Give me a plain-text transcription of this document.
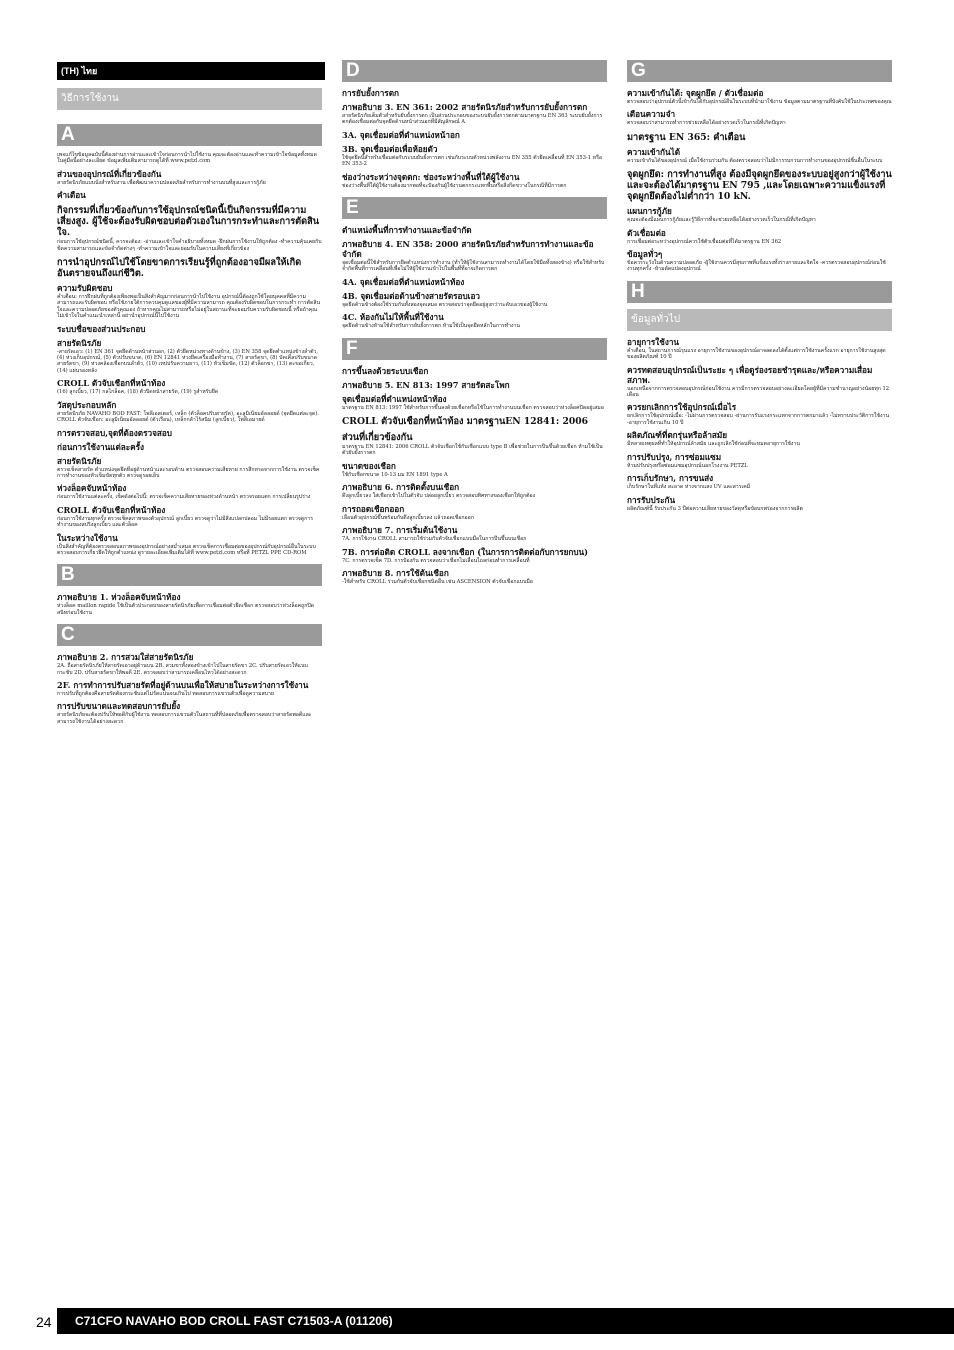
(TH) ไทย
วิธีการใช้งาน
A

เพจแก้ไขข้อมูลฉบับนี้ต้องผ่านการอ่านและเข้าใจก่อนการนำไปใช้งาน คุณจะต้องอ่านและทำความเข้าใจข้อมูลทั้งหมดในคู่มือนี้อย่างละเอียด ข้อมูลเพิ่มเติมสามารถดูได้ที่ www.petzl.com

ส่วนของอุปกรณ์ที่เกี่ยวข้องกัน

สายรัดนิรภัยแบบนั่งสำหรับงาน เพื่อพัฒนาความปลอดภัยสำหรับการทำงานบนที่สูงและการกู้ภัย

คำเตือน
กิจกรรมที่เกี่ยวข้องกับการใช้อุปกรณ์ชนิดนี้เป็นกิจกรรมที่มีความเสี่ยงสูง. ผู้ใช้จะต้องรับผิดชอบต่อตัวเองในการกระทำและการตัดสินใจ.

ก่อนการใช้อุปกรณ์ชนิดนี้, ควรจะต้อง: -อ่านและเข้าใจคำอธิบายทั้งหมด -ฝึกฝนการใช้งานให้ถูกต้อง -ทำความคุ้นเคยกับขีดความสามารถและข้อจำกัดต่างๆ -ทำความเข้าใจและยอมรับในความเสี่ยงที่เกี่ยวข้อง

การนำอุปกรณ์ไปใช้โดยขาดการเรียนรู้ที่ถูกต้องอาจมีผลให้เกิดอันตรายจนถึงแก่ชีวิต.
ความรับผิดชอบ

คำเตือน: การฝึกฝนที่ถูกต้องเพียงพอเป็นสิ่งสำคัญมากก่อนการนำไปใช้งาน อุปกรณ์นี้ต้องถูกใช้โดยบุคคลที่มีความสามารถและรับผิดชอบ หรือใช้ภายใต้การควบคุมดูแลของผู้ที่มีความสามารถ คุณต้องรับผิดชอบในการกระทำ การตัดสินใจและความปลอดภัยของตัวคุณเอง ถ้าหากคุณไม่สามารถหรือไม่อยู่ในสถานะที่จะยอมรับความรับผิดชอบนี้ หรือถ้าคุณไม่เข้าใจในคำแนะนำเหล่านี้ อย่านำอุปกรณ์นี้ไปใช้งาน

ระบบชื่อของส่วนประกอบ
สายรัดนิรภัย

-สายรัดเอว: (1) EN 361 จุดยึดด้านหน้าส่วนอก, (2) ตัวยึดหน่วงทางด้านข้าง, (3) EN 358 จุดยึดตำแหน่งข้างลำตัว, (4) ห่วงเก็บอุปกรณ์, (5) ตัวปรับขนาด, (6) EN 12841 ห่วงยึดเครื่องมือทำงาน, (7) สายรัดขา, (8) บัคเคิ้ลปรับขนาดสายรัดขา, (9) ห่วงคล้องเชือกบนลำตัว, (10) เทปปรับความยาว, (11) หัวเข็มขัด, (12) ตัวล็อกขา, (13) ตะขอเกี่ยว, (14) แผ่นรองหลัง

CROLL ตัวจับเชือกที่หน้าท้อง

(16) ลูกเบี้ยว, (17) กลไกล็อค, (18) ตัวปิดหน้าสายรัด, (19) รูสำหรับยึด

วัสดุประกอบหลัก

สายรัดนิรภัย NAVAHO BOD FAST: โพลีเอสเตอร์, เหล็ก (ตัวล็อคปรับสายรัด), อะลูมิเนียมอัลลอยด์ (จุดยึดแต่ละจุด). CROLL ตัวจับเชือก: อะลูมิเนียมอัลลอยด์ (ตัวเรือน), เหล็กกล้าไร้สนิม (ลูกเบี้ยว), โพลีเอมายด์

การตรวจสอบ,จุดที่ต้องตรวจสอบ
ก่อนการใช้งานแต่ละครั้ง
สายรัดนิรภัย

ตรวจเช็คสายรัด ตำแหน่งจุดยึดที่อยู่ด้านหน้าและรอบด้าน ตรวจสอบความเสียหาย การสึกหรอจากการใช้งาน ตรวจเช็คการทำงานของหัวเข็มขัดทุกตัว ตรวจดูรอยเย็บ

ห่วงล็อคจับหน้าท้อง

ก่อนการใช้งานแต่ละครั้ง, เช็คดังต่อไปนี้: ตรวจเช็คความเสียหายของห่วงด้านหน้า ตรวจรอยแตก การเปลี่ยนรูปร่าง

CROLL ตัวจับเชือกที่หน้าท้อง

ก่อนการใช้งานทุกครั้ง ตรวจเช็คสภาพของตัวอุปกรณ์ ลูกเบี้ยว ตรวจดูว่าไม่มีสิ่งแปลกปลอม ไม่มีรอยแตก ตรวจดูการทำงานของสปริงลูกเบี้ยว และตัวล็อค

ในระหว่างใช้งาน

เป็นสิ่งสำคัญที่ต้องตรวจสอบสภาพของอุปกรณ์อย่างสม่ำเสมอ ตรวจเช็คการเชื่อมต่อของอุปกรณ์กับอุปกรณ์อื่นในระบบ ตรวจสอบการเกี่ยวยึดให้ถูกตำแหน่ง ดูรายละเอียดเพิ่มเติมได้ที่ www.petzl.com หรือที่ PETZL PPE CD-ROM

B
ภาพอธิบาย 1. ห่วงล็อคจับหน้าท้อง

ห่วงล็อค maillon rapide ใช้เป็นตัวประกอบของสายรัดนิรภัยเพื่อการเชื่อมต่อตัวยึดเชือก ตรวจสอบว่าห่วงล็อคถูกปิดสนิทก่อนใช้งาน

C
ภาพอธิบาย 2. การสวมใส่สายรัดนิรภัย

2A. ถือสายรัดนิรภัยให้สายรัดเอวอยู่ด้านบน 2B. สวมขาทั้งสองข้างเข้าไปในสายรัดขา 2C. ปรับสายรัดเอวให้แนบกระชับ 2D. ปรับสายรัดขาให้พอดี 2E. ตรวจสอบว่าสามารถเคลื่อนไหวได้อย่างสะดวก

2F. การทำการปรับสายรัดที่อยู่ด้านบนเพื่อให้สบายในระหว่างการใช้งาน

การปรับที่ถูกต้องคือสายรัดต้องกระชับแต่ไม่รัดแน่นจนเกินไป ทดสอบการแขวนตัวเพื่อดูความสบาย

การปรับขนาดและทดสอบการยับยั้ง

สายรัดนิรภัยจะต้องปรับให้พอดีกับผู้ใช้งาน ทดสอบการแขวนตัวในสถานที่ที่ปลอดภัยเพื่อตรวจสอบว่าสายรัดพอดีและสามารถใช้งานได้อย่างสะดวก

D
การยับยั้งการตก
ภาพอธิบาย 3. EN 361: 2002 สายรัดนิรภัยสำหรับการยับยั้งการตก

สายรัดนิรภัยเต็มตัวสำหรับยับยั้งการตก เป็นส่วนประกอบของระบบยับยั้งการตกตามมาตรฐาน EN 363 ระบบยับยั้งการตกต้องเชื่อมต่อกับจุดยึดด้านหน้าส่วนอกที่มีสัญลักษณ์ A

3A. จุดเชื่อมต่อที่ตำแหน่งหน้าอก
3B. จุดเชื่อมต่อเพื่อห้อยตัว

ใช้จุดยึดนี้สำหรับเชื่อมต่อกับระบบยับยั้งการตก เช่นกับระบบตัวหน่วงพลังงาน EN 355 ตัวยึดเคลื่อนที่ EN 353-1 หรือ EN 353-2

ช่องว่างระหว่างจุดตก: ช่องระหว่างพื้นที่ใต้ผู้ใช้งาน

ช่องว่างพื้นที่ใต้ผู้ใช้งานต้องมากพอที่จะป้องกันผู้ใช้งานตกกระแทกพื้นหรือสิ่งกีดขวางในกรณีที่มีการตก

E
ตำแหน่งพื้นที่การทำงานและข้อจำกัด
ภาพอธิบาย 4. EN 358: 2000 สายรัดนิรภัยสำหรับการทำงานและข้อจำกัด

จุดเชื่อมต่อนี้ใช้สำหรับการยึดตำแหน่งการทำงาน (ทำให้ผู้ใช้งานสามารถทำงานได้โดยใช้มือทั้งสองข้าง) หรือใช้สำหรับจำกัดพื้นที่การเคลื่อนที่เพื่อไม่ให้ผู้ใช้งานเข้าไปในพื้นที่ที่อาจเกิดการตก

4A. จุดเชื่อมต่อที่ตำแหน่งหน้าท้อง
4B. จุดเชื่อมต่อด้านข้างสายรัดรอบเอว

จุดยึดด้านข้างต้องใช้ร่วมกันทั้งสองจุดเสมอ ตรวจสอบว่าจุดยึดอยู่สูงกว่าระดับเอวของผู้ใช้งาน

4C. ห้องกันไม่ให้พื้นที่ใช้งาน

จุดยึดด้านข้างห้ามใช้สำหรับการยับยั้งการตก ห้ามใช้เป็นจุดยึดหลักในการทำงาน

F
การขึ้นลงด้วยระบบเชือก
ภาพอธิบาย 5. EN 813: 1997 สายรัดสะโพก
จุดเชื่อมต่อที่ตำแหน่งหน้าท้อง

มาตรฐาน EN 813: 1997 ใช้สำหรับการขึ้นลงด้วยเชือกหรือใช้ในการทำงานบนเชือก ตรวจสอบว่าห่วงล็อคปิดอยู่เสมอ

CROLL ตัวจับเชือกที่หน้าท้อง มาตรฐานEN 12841: 2006
ส่วนที่เกี่ยวข้องกัน

มาตรฐาน EN 12841: 2006 CROLL ตัวจับเชือกใช้กับเชือกแบบ type B เพื่อช่วยในการปีนขึ้นด้วยเชือก ห้ามใช้เป็นตัวยับยั้งการตก

ขนาดของเชือก

ใช้กับเชือกขนาด 10-13 มม EN 1891 type A

ภาพอธิบาย 6. การติดตั้งบนเชือก

ดึงลูกเบี้ยวลง ใส่เชือกเข้าไปในตัวจับ ปล่อยลูกเบี้ยว ตรวจสอบทิศทางของเชือกให้ถูกต้อง

การถอดเชือกออก

เลื่อนตัวอุปกรณ์ขึ้นพร้อมกับดึงลูกเบี้ยวลง แล้วถอดเชือกออก

ภาพอธิบาย 7. การเริ่มต้นใช้งาน

7A. การใช้งาน CROLL สามารถใช้ร่วมกับตัวจับเชือกแบบมือในการปีนขึ้นบนเชือก

7B. การต่อติด CROLL ลงจากเชือก (ในการการติดต่อกับการยกบน)

7C. การตรวจเช็ค 7D. การป้องกัน ตรวจสอบว่าเชือกไม่เลื่อนไถลก่อนทำการเคลื่อนที่

ภาพอธิบาย 8. การใช้ต้นเชือก

-ใช้สำหรับ CROLL ร่วมกับตัวจับเชือกชนิดอื่น เช่น ASCENSION ตัวจับเชือกแบบมือ

G
ความเข้ากันได้: จุดผูกยึด / ตัวเชื่อมต่อ

ตรวจสอบว่าอุปกรณ์ตัวนี้เข้ากันได้กับอุปกรณ์อื่นในระบบที่นำมาใช้งาน ข้อมูลตามมาตรฐานที่บังคับใช้ในประเทศของคุณ

เตือนความจำ

ตรวจสอบว่าสามารถทำการช่วยเหลือได้อย่างรวดเร็วในกรณีที่เกิดปัญหา

มาตรฐาน EN 365: คำเตือน
ความเข้ากันได้

ความเข้ากันได้ของอุปกรณ์ เมื่อใช้งานร่วมกัน ต้องตรวจสอบว่าไม่มีการรบกวนการทำงานของอุปกรณ์ชิ้นอื่นในระบบ

จุดผูกยึด: การทำงานที่สูง ต้องมีจุดผูกยึดของระบบอยู่สูงกว่าผู้ใช้งาน และจะต้องได้มาตรฐาน EN 795 ,และโดยเฉพาะความแข็งแรงที่จุดผูกยึดต้องไม่ต่ำกว่า 10 kN.
แผนการกู้ภัย

คุณจะต้องมีแผนการกู้ภัยและรู้วิธีการที่จะช่วยเหลือได้อย่างรวดเร็วในกรณีที่เกิดปัญหา

ตัวเชื่อมต่อ

การเชื่อมต่อระหว่างอุปกรณ์ควรใช้ตัวเชื่อมต่อที่ได้มาตรฐาน EN 362

ข้อมูลทั่วๆ

ข้อควรระวังในด้านความปลอดภัย -ผู้ใช้งานควรมีสุขภาพที่แข็งแรงทั้งร่างกายและจิตใจ -ควรตรวจสอบอุปกรณ์ก่อนใช้งานทุกครั้ง -ห้ามดัดแปลงอุปกรณ์

H
ข้อมูลทั่วไป
อายุการใช้งาน

คำเตือน, ในสถานการณ์รุนแรง อายุการใช้งานของอุปกรณ์อาจลดลงได้ตั้งแต่การใช้งานครั้งแรก อายุการใช้งานสูงสุดของผลิตภัณฑ์ 10 ปี

ควรทดสอบอุปกรณ์เป็นระยะ ๆ เพื่อดูร่องรอยชำรุดและ/หรือความเสื่อมสภาพ.

นอกเหนือจากการตรวจสอบอุปกรณ์ก่อนใช้งาน ควรมีการตรวจสอบอย่างละเอียดโดยผู้ที่มีความชำนาญอย่างน้อยทุก 12 เดือน

ควรยกเลิกการใช้อุปกรณ์เมื่อไร

ยกเลิกการใช้อุปกรณ์เมื่อ: -ไม่ผ่านการตรวจสอบ -ผ่านการรับแรงกระแทกจากการตกมาแล้ว -ไม่ทราบประวัติการใช้งาน -อายุการใช้งานเกิน 10 ปี

ผลิตภัณฑ์ที่ตกรุ่นหรือล้าสมัย

มีหลายเหตุผลที่ทำให้อุปกรณ์ล้าสมัย และถูกเลิกใช้ก่อนที่จะหมดอายุการใช้งาน

การปรับปรุง, การซ่อมแซม

ห้ามปรับปรุงหรือซ่อมแซมอุปกรณ์นอกโรงงาน PETZL

การเก็บรักษา, การขนส่ง

เก็บรักษาในที่แห้ง สะอาด ห่างจากแสง UV และสารเคมี

การรับประกัน

ผลิตภัณฑ์นี้ รับประกัน 3 ปีต่อความเสียหายของวัสดุหรือข้อบกพร่องจากการผลิต

24	C71CFO NAVAHO BOD CROLL FAST C71503-A (011206)
